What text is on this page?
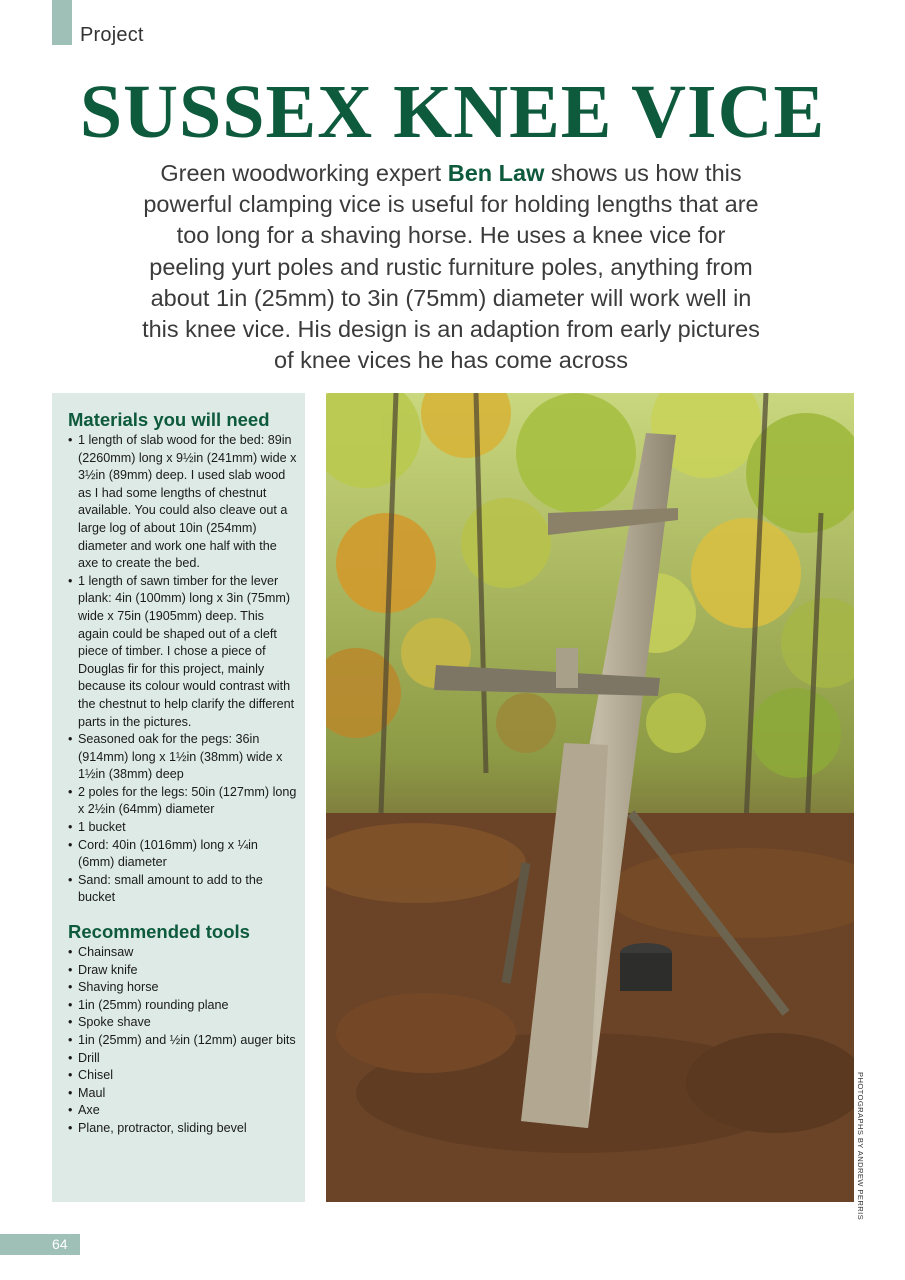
Project
SUSSEX KNEE VICE

Green woodworking expert Ben Law shows us how this powerful clamping vice is useful for holding lengths that are too long for a shaving horse. He uses a knee vice for peeling yurt poles and rustic furniture poles, anything from about 1in (25mm) to 3in (75mm) diameter will work well in this knee vice. His design is an adaption from early pictures of knee vices he has come across

Materials you will need
• 1 length of slab wood for the bed: 89in (2260mm) long x 9½in (241mm) wide x 3½in (89mm) deep. I used slab wood as I had some lengths of chestnut available. You could also cleave out a large log of about 10in (254mm) diameter and work one half with the axe to create the bed.
• 1 length of sawn timber for the lever plank: 4in (100mm) long x 3in (75mm) wide x 75in (1905mm) deep. This again could be shaped out of a cleft piece of timber. I chose a piece of Douglas fir for this project, mainly because its colour would contrast with the chestnut to help clarify the different parts in the pictures.
• Seasoned oak for the pegs: 36in (914mm) long x 1½in (38mm) wide x 1½in (38mm) deep
• 2 poles for the legs: 50in (127mm) long x 2½in (64mm) diameter
• 1 bucket
• Cord: 40in (1016mm) long x ¼in (6mm) diameter
• Sand: small amount to add to the bucket
Recommended tools
• Chainsaw
• Draw knife
• Shaving horse
• 1in (25mm) rounding plane
• Spoke shave
• 1in (25mm) and ½in (12mm) auger bits
• Drill
• Chisel
• Maul
• Axe
• Plane, protractor, sliding bevel	PHOTOGRAPHS BY ANDREW PERRIS
64
